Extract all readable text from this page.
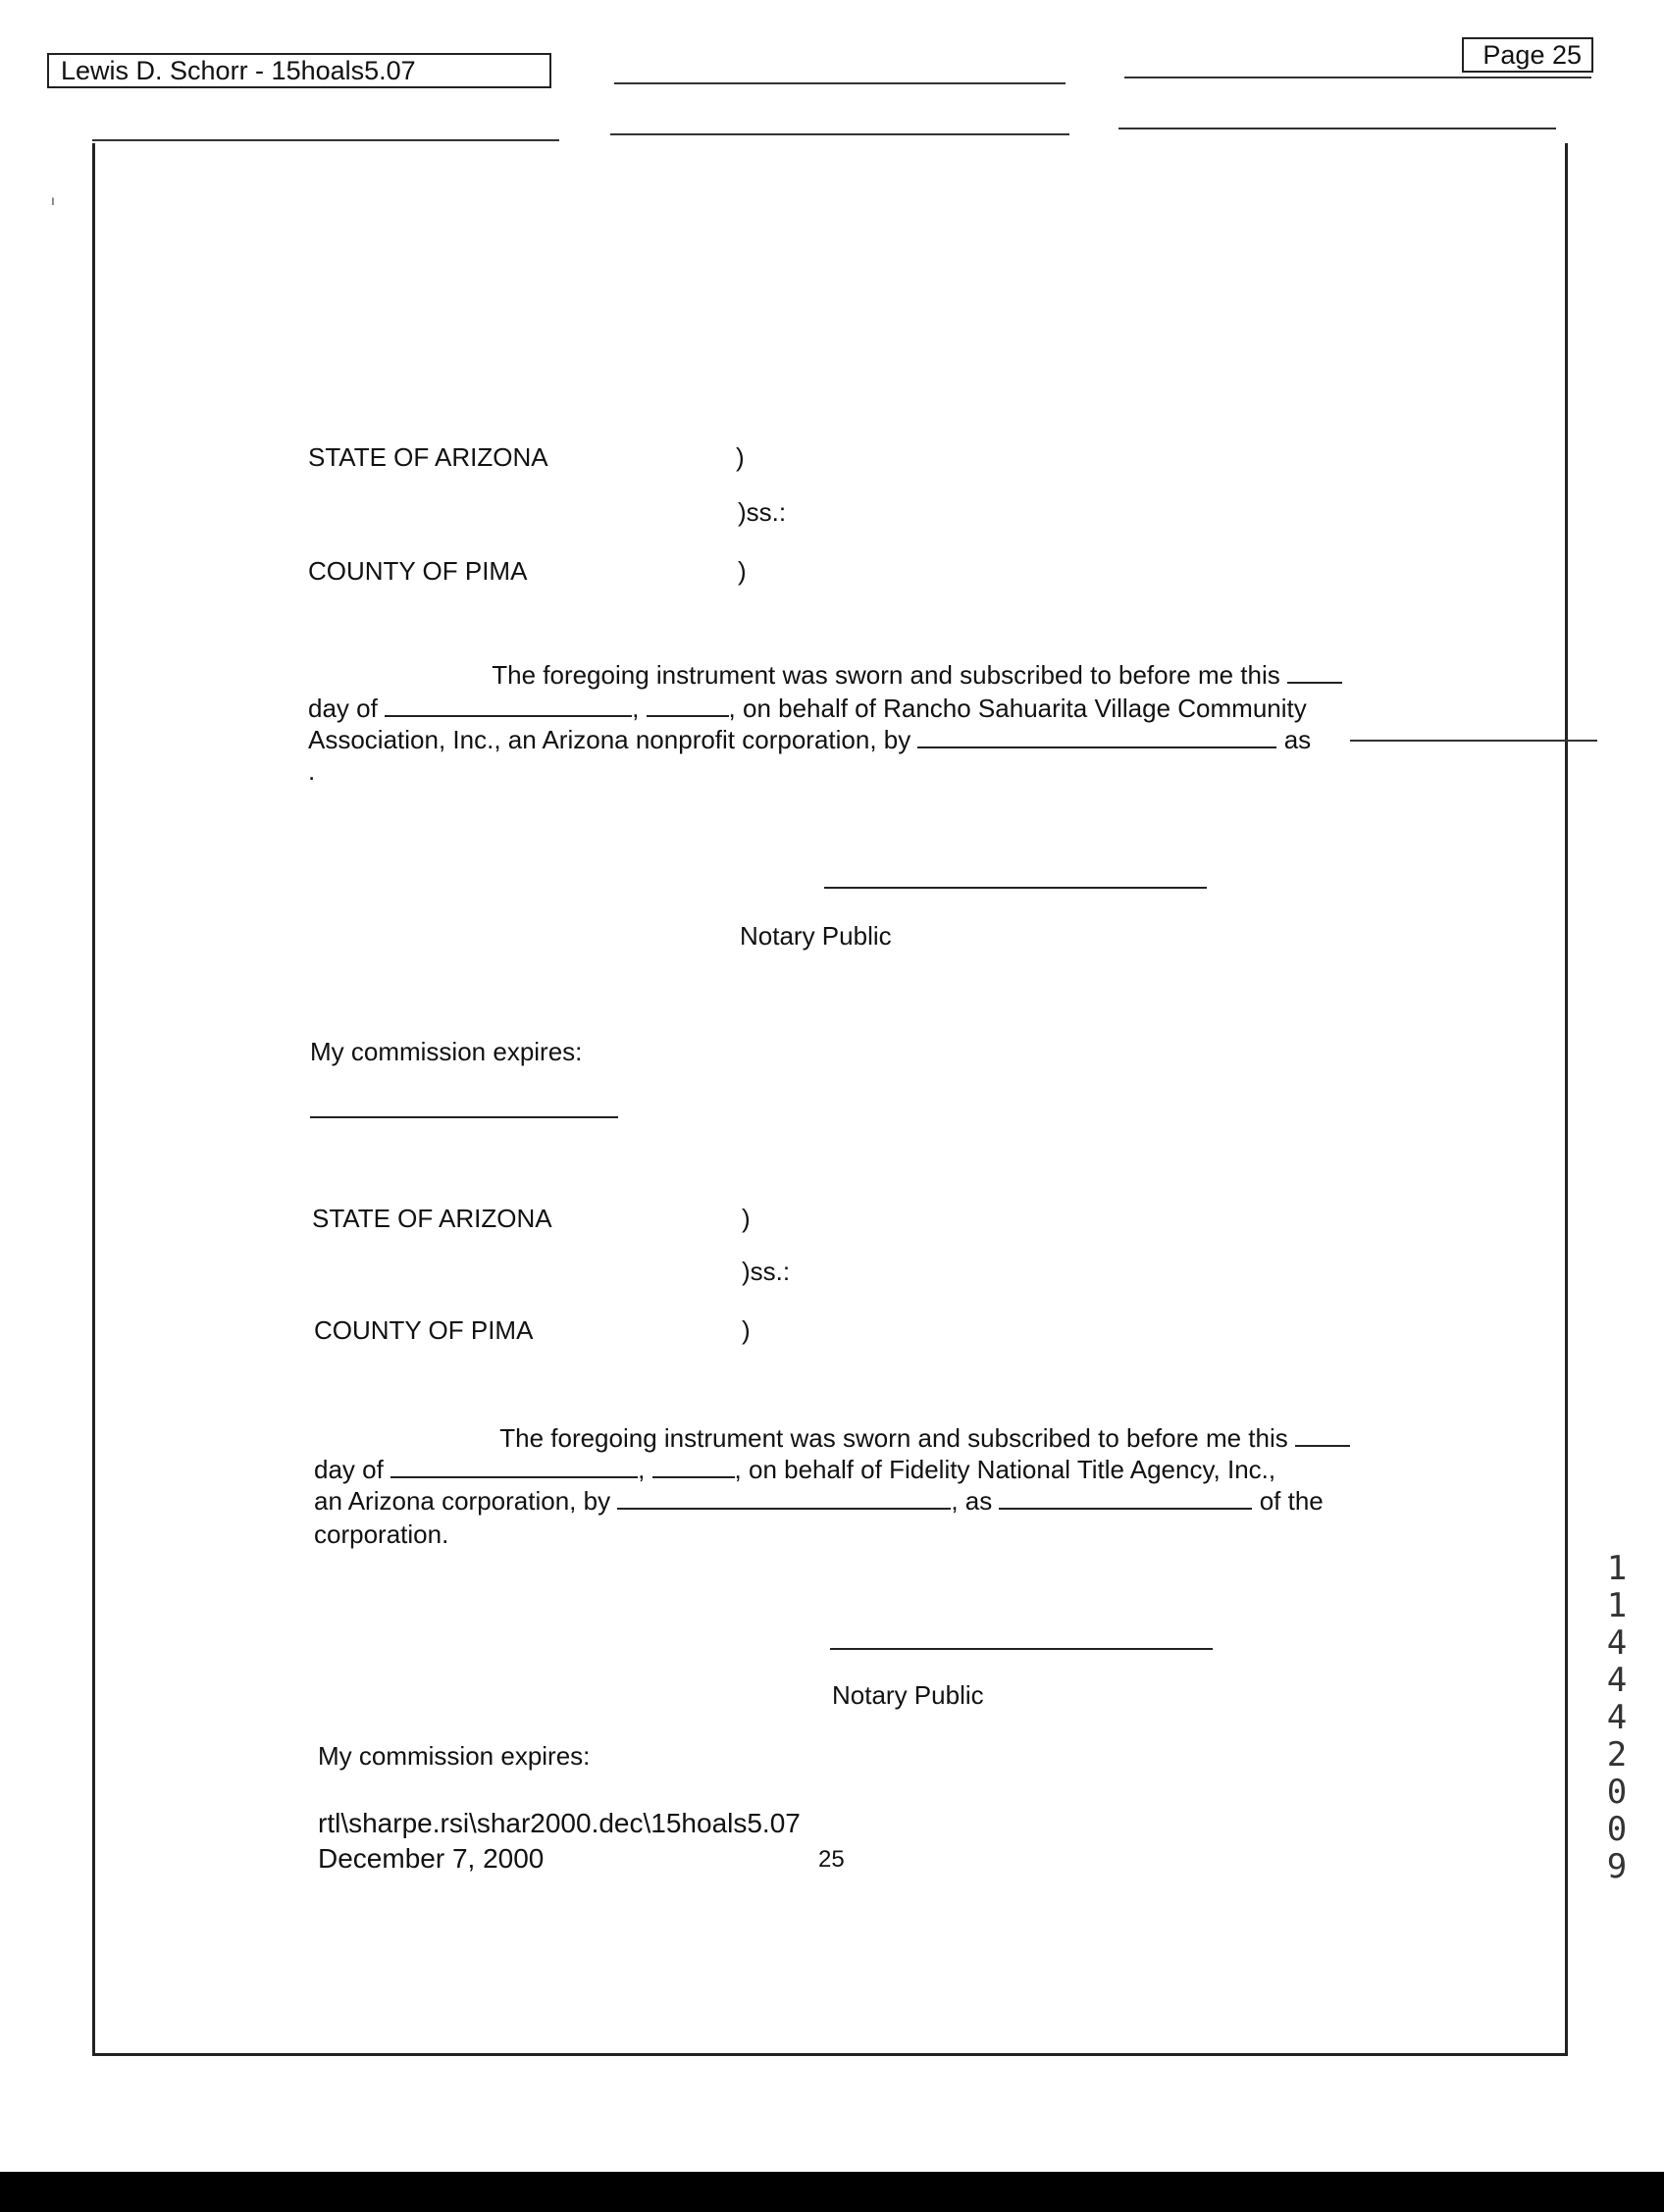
Lewis D. Schorr - 15hoals5.07
Page 25
ı
STATE OF ARIZONA	)
)ss.:
COUNTY OF PIMA	)
The foregoing instrument was sworn and subscribed to before me this
day of	,	, on behalf of Rancho Sahuarita Village Community
Association, Inc., an Arizona nonprofit corporation, by	as
.
Notary Public
My commission expires:
STATE OF ARIZONA	)
)ss.:
COUNTY OF PIMA	)
The foregoing instrument was sworn and subscribed to before me this
day of	,	, on behalf of Fidelity National Title Agency, Inc.,
an Arizona corporation, by	, as	of the
corporation.
Notary Public
My commission expires:
rtl\sharpe.rsi\shar2000.dec\15hoals5.07
December 7, 2000	25
11444 2009
